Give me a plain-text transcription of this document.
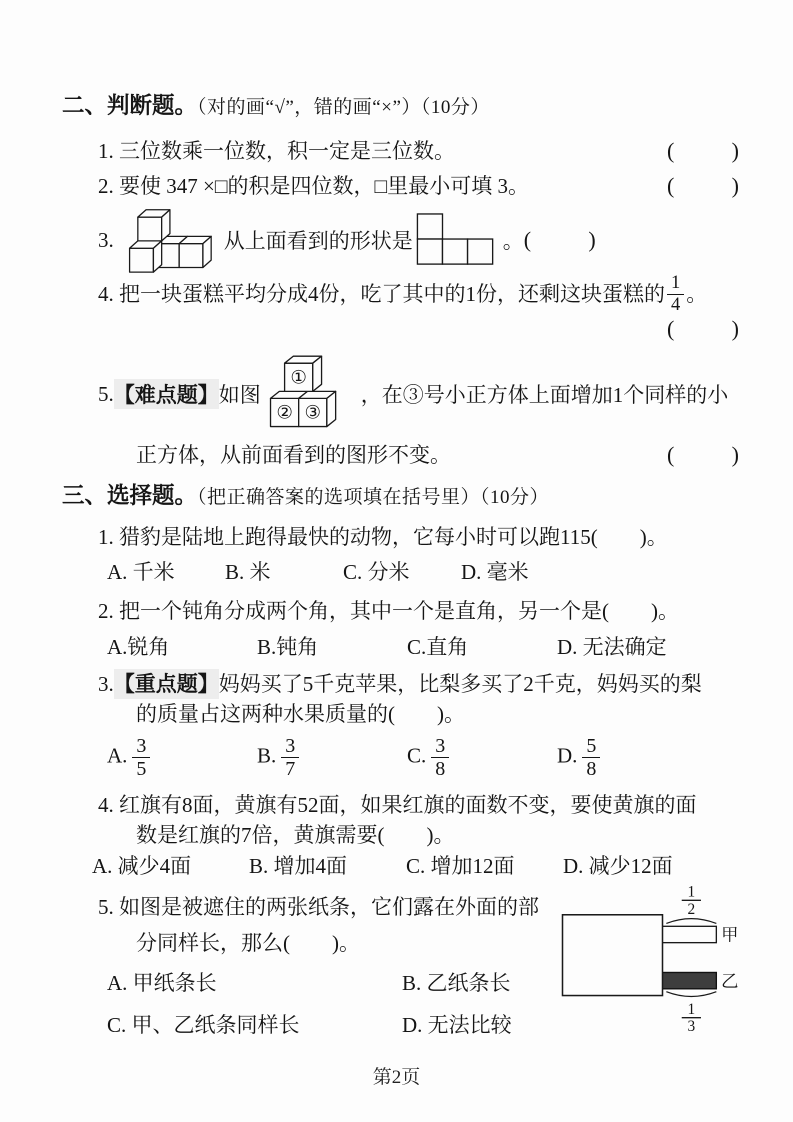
二、判断题。（对的画“√”，错的画“×”）（10分）
1. 三位数乘一位数，积一定是三位数。	(	)
2. 要使 347 ×□的积是四位数，□里最小可填 3。	(	)
3.	从上面看到的形状是	。 (	)
4. 把一块蛋糕平均分成4份，吃了其中的1份，还剩这块蛋糕的 $\frac{1}{4}$ 。
(	)
5. 【难点题】 如图
①
② ③
，在③号小正方体上面增加1个同样的小
正方体，从前面看到的图形不变。	(	)
三、选择题。（把正确答案的选项填在括号里）（10分）
1. 猎豹是陆地上跑得最快的动物，它每小时可以跑115(  )。
A. 千米	B. 米	C. 分米	D. 毫米
2. 把一个钝角分成两个角，其中一个是直角，另一个是(  )。
A.锐角	B.钝角	C.直角	D. 无法确定
3. 【重点题】 妈妈买了5千克苹果，比梨多买了2千克，妈妈买的梨
的质量占这两种水果质量的(  )。
A. $\frac{3}{5}$	B. $\frac{3}{7}$	C. $\frac{3}{8}$	D. $\frac{5}{8}$
4. 红旗有8面，黄旗有52面，如果红旗的面数不变，要使黄旗的面
数是红旗的7倍，黄旗需要(  )。
A. 减少4面	B. 增加4面	C. 增加12面	D. 减少12面
5. 如图是被遮住的两张纸条，它们露在外面的部
分同样长，那么(  )。
A. 甲纸条长	B. 乙纸条长
C. 甲、乙纸条同样长	D. 无法比较
1
2
1
3
甲
乙
第2页
